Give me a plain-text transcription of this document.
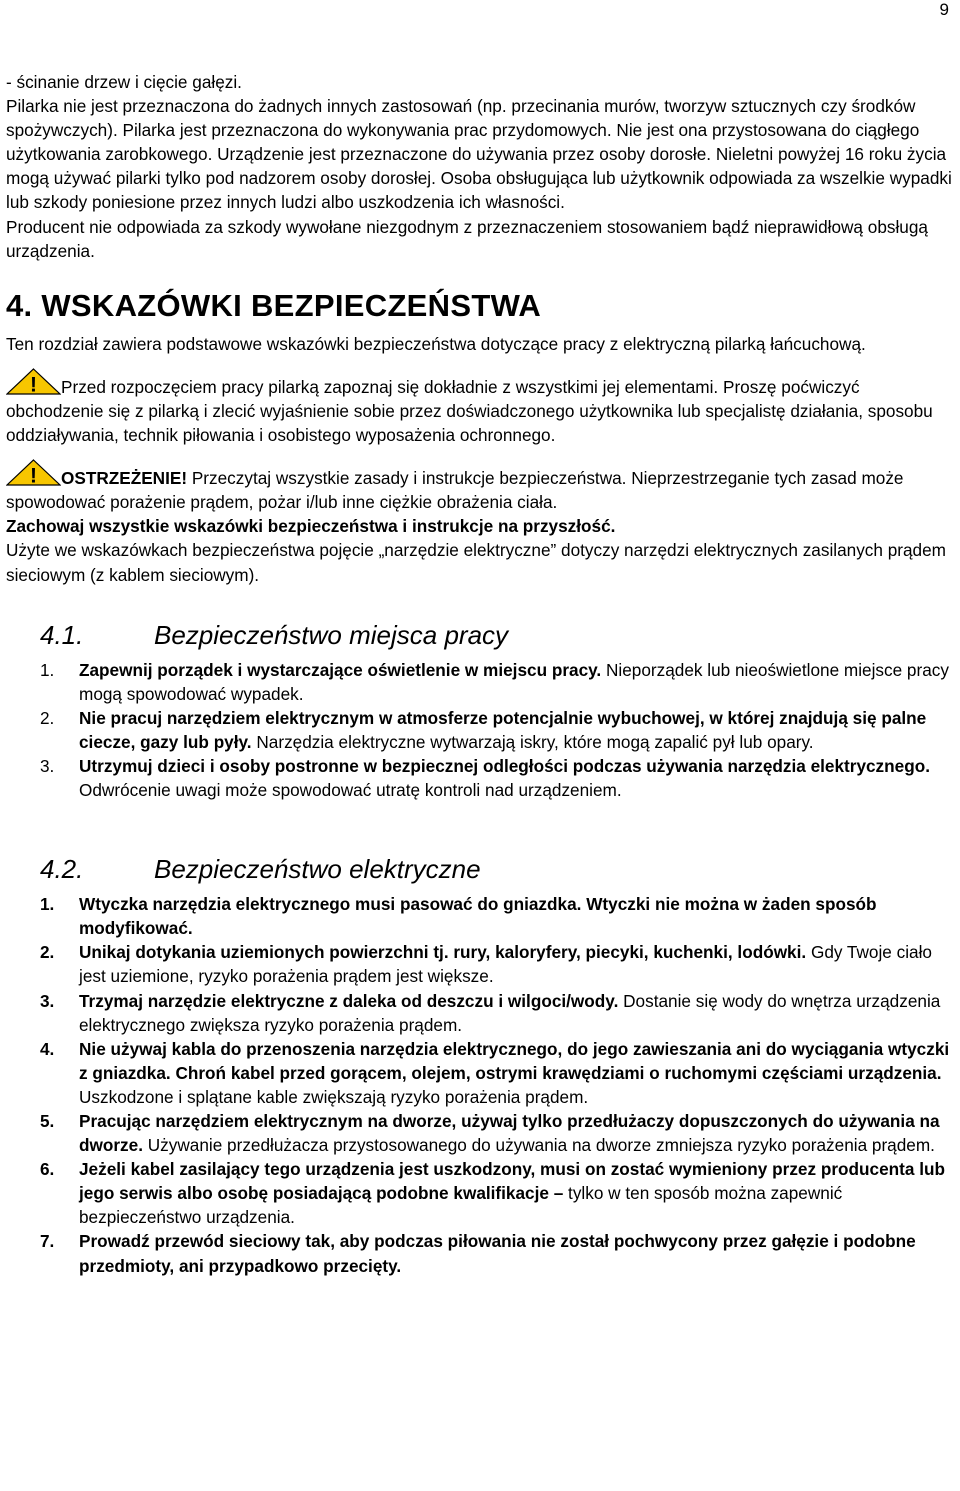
9

- ścinanie drzew i cięcie gałęzi.

Pilarka nie jest przeznaczona do żadnych innych zastosowań (np. przecinania murów, tworzyw sztucznych czy środków spożywczych). Pilarka jest przeznaczona do wykonywania prac przydomowych. Nie jest ona przystosowana do ciągłego użytkowania zarobkowego. Urządzenie jest przeznaczone do używania przez osoby dorosłe. Nieletni powyżej 16 roku życia mogą używać pilarki tylko pod nadzorem osoby dorosłej. Osoba obsługująca lub użytkownik odpowiada za wszelkie wypadki lub szkody poniesione przez innych ludzi albo uszkodzenia ich własności.

Producent nie odpowiada za szkody wywołane niezgodnym z przeznaczeniem stosowaniem bądź nieprawidłową obsługą urządzenia.

4. WSKAZÓWKI BEZPIECZEŃSTWA

Ten rozdział zawiera podstawowe wskazówki bezpieczeństwa dotyczące pracy z elektryczną pilarką łańcuchową.

! Przed rozpoczęciem pracy pilarką zapoznaj się dokładnie z wszystkimi jej elementami. Proszę poćwiczyć obchodzenie się z pilarką i zlecić wyjaśnienie sobie przez doświadczonego użytkownika lub specjalistę działania, sposobu oddziaływania, technik piłowania i osobistego wyposażenia ochronnego.

! OSTRZEŻENIE! Przeczytaj wszystkie zasady i instrukcje bezpieczeństwa. Nieprzestrzeganie tych zasad może spowodować porażenie prądem, pożar i/lub inne ciężkie obrażenia ciała.

Zachowaj wszystkie wskazówki bezpieczeństwa i instrukcje na przyszłość.

Użyte we wskazówkach bezpieczeństwa pojęcie „narzędzie elektryczne” dotyczy narzędzi elektrycznych zasilanych prądem sieciowym (z kablem sieciowym).

4.1.	Bezpieczeństwo miejsca pracy
1. Zapewnij porządek i wystarczające oświetlenie w miejscu pracy. Nieporządek lub nieoświetlone miejsce pracy mogą spowodować wypadek.
2. Nie pracuj narzędziem elektrycznym w atmosferze potencjalnie wybuchowej, w której znajdują się palne ciecze, gazy lub pyły. Narzędzia elektryczne wytwarzają iskry, które mogą zapalić pył lub opary.
3. Utrzymuj dzieci i osoby postronne w bezpiecznej odległości podczas używania narzędzia elektrycznego. Odwrócenie uwagi może spowodować utratę kontroli nad urządzeniem.
4.2.	Bezpieczeństwo elektryczne
1. Wtyczka narzędzia elektrycznego musi pasować do gniazdka. Wtyczki nie można w żaden sposób modyfikować.
2. Unikaj dotykania uziemionych powierzchni tj. rury, kaloryfery, piecyki, kuchenki, lodówki. Gdy Twoje ciało jest uziemione, ryzyko porażenia prądem jest większe.
3. Trzymaj narzędzie elektryczne z daleka od deszczu i wilgoci/wody. Dostanie się wody do wnętrza urządzenia elektrycznego zwiększa ryzyko porażenia prądem.
4. Nie używaj kabla do przenoszenia narzędzia elektrycznego, do jego zawieszania ani do wyciągania wtyczki z gniazdka. Chroń kabel przed gorącem, olejem, ostrymi krawędziami o ruchomymi częściami urządzenia. Uszkodzone i splątane kable zwiększają ryzyko porażenia prądem.
5. Pracując narzędziem elektrycznym na dworze, używaj tylko przedłużaczy dopuszczonych do używania na dworze. Używanie przedłużacza przystosowanego do używania na dworze zmniejsza ryzyko porażenia prądem.
6. Jeżeli kabel zasilający tego urządzenia jest uszkodzony, musi on zostać wymieniony przez producenta lub jego serwis albo osobę posiadającą podobne kwalifikacje – tylko w ten sposób można zapewnić bezpieczeństwo urządzenia.
7. Prowadź przewód sieciowy tak, aby podczas piłowania nie został pochwycony przez gałęzie i podobne przedmioty, ani przypadkowo przecięty.
